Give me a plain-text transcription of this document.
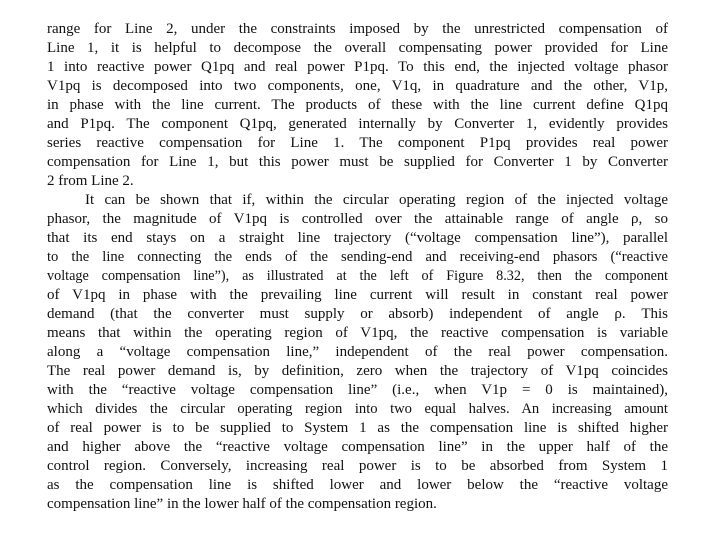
range for Line 2, under the constraints imposed by the unrestricted compensation of
Line 1, it is helpful to decompose the overall compensating power provided for Line
1 into reactive power Q1pq and real power P1pq. To this end, the injected voltage phasor
V1pq is decomposed into two components, one, V1q, in quadrature and the other, V1p,
in phase with the line current. The products of these with the line current define Q1pq
and P1pq. The component Q1pq, generated internally by Converter 1, evidently provides
series reactive compensation for Line 1. The component P1pq provides real power
compensation for Line 1, but this power must be supplied for Converter 1 by Converter
2 from Line 2.
It can be shown that if, within the circular operating region of the injected voltage
phasor, the magnitude of V1pq is controlled over the attainable range of angle ρ, so
that its end stays on a straight line trajectory (“voltage compensation line”), parallel
to the line connecting the ends of the sending-end and receiving-end phasors (“reactive
voltage compensation line”), as illustrated at the left of Figure 8.32, then the component
of V1pq in phase with the prevailing line current will result in constant real power
demand (that the converter must supply or absorb) independent of angle ρ. This
means that within the operating region of V1pq, the reactive compensation is variable
along a “voltage compensation line,” independent of the real power compensation.
The real power demand is, by definition, zero when the trajectory of V1pq coincides
with the “reactive voltage compensation line” (i.e., when V1p = 0 is maintained),
which divides the circular operating region into two equal halves. An increasing amount
of real power is to be supplied to System 1 as the compensation line is shifted higher
and higher above the “reactive voltage compensation line” in the upper half of the
control region. Conversely, increasing real power is to be absorbed from System 1
as the compensation line is shifted lower and lower below the “reactive voltage
compensation line” in the lower half of the compensation region.
